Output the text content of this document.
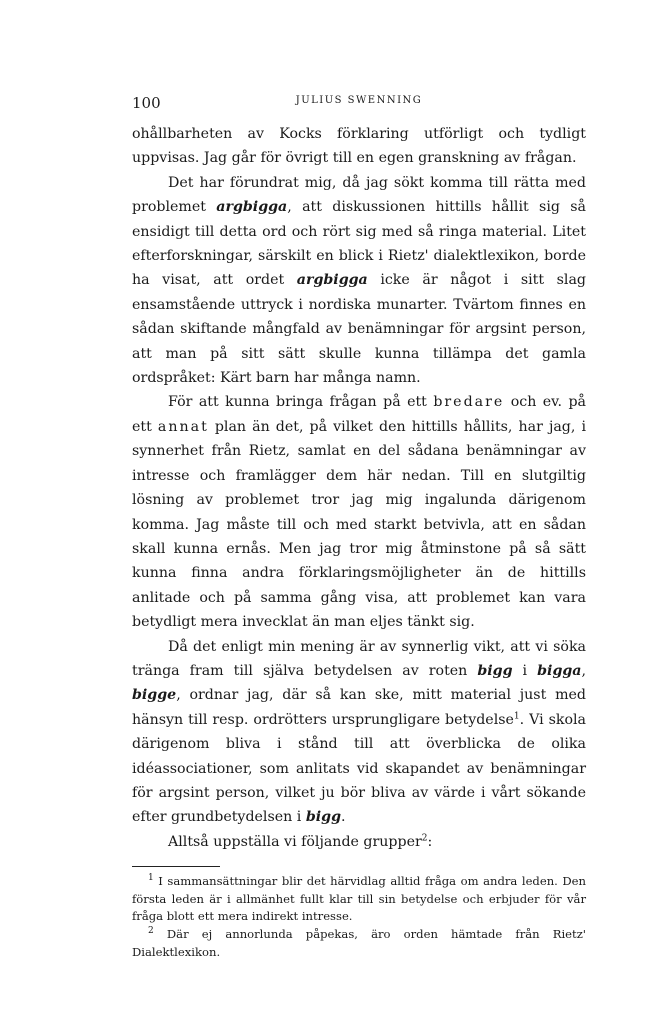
100	JULIUS SWENNING

ohållbarheten av Kocks förklaring utförligt och tydligt uppvisas. Jag går för övrigt till en egen granskning av frågan.

Det har förundrat mig, då jag sökt komma till rätta med problemet argbigga, att diskussionen hittills hållit sig så ensidigt till detta ord och rört sig med så ringa material. Litet efterforskningar, särskilt en blick i Rietz' dialektlexikon, borde ha visat, att ordet argbigga icke är något i sitt slag ensamstående uttryck i nordiska munarter. Tvärtom finnes en sådan skiftande mångfald av benämningar för argsint person, att man på sitt sätt skulle kunna tillämpa det gamla ordspråket: Kärt barn har många namn.

För att kunna bringa frågan på ett bredare och ev. på ett annat plan än det, på vilket den hittills hållits, har jag, i synnerhet från Rietz, samlat en del sådana benämningar av intresse och framlägger dem här nedan. Till en slutgiltig lösning av problemet tror jag mig ingalunda därigenom komma. Jag måste till och med starkt betvivla, att en sådan skall kunna ernås. Men jag tror mig åtminstone på så sätt kunna finna andra förklaringsmöjligheter än de hittills anlitade och på samma gång visa, att problemet kan vara betydligt mera invecklat än man eljes tänkt sig.

Då det enligt min mening är av synnerlig vikt, att vi söka tränga fram till själva betydelsen av roten bigg i bigga, bigge, ordnar jag, där så kan ske, mitt material just med hänsyn till resp. ordrötters ursprungligare betydelse$^1$. Vi skola därigenom bliva i stånd till att överblicka de olika idéassociationer, som anlitats vid skapandet av benämningar för argsint person, vilket ju bör bliva av värde i vårt sökande efter grundbetydelsen i bigg.

Alltså uppställa vi följande grupper$^2$:

$^1$ I sammansättningar blir det härvidlag alltid fråga om andra leden. Den första leden är i allmänhet fullt klar till sin betydelse och erbjuder för vår fråga blott ett mera indirekt intresse.

$^2$ Där ej annorlunda påpekas, äro orden hämtade från Rietz' Dialektlexikon.
